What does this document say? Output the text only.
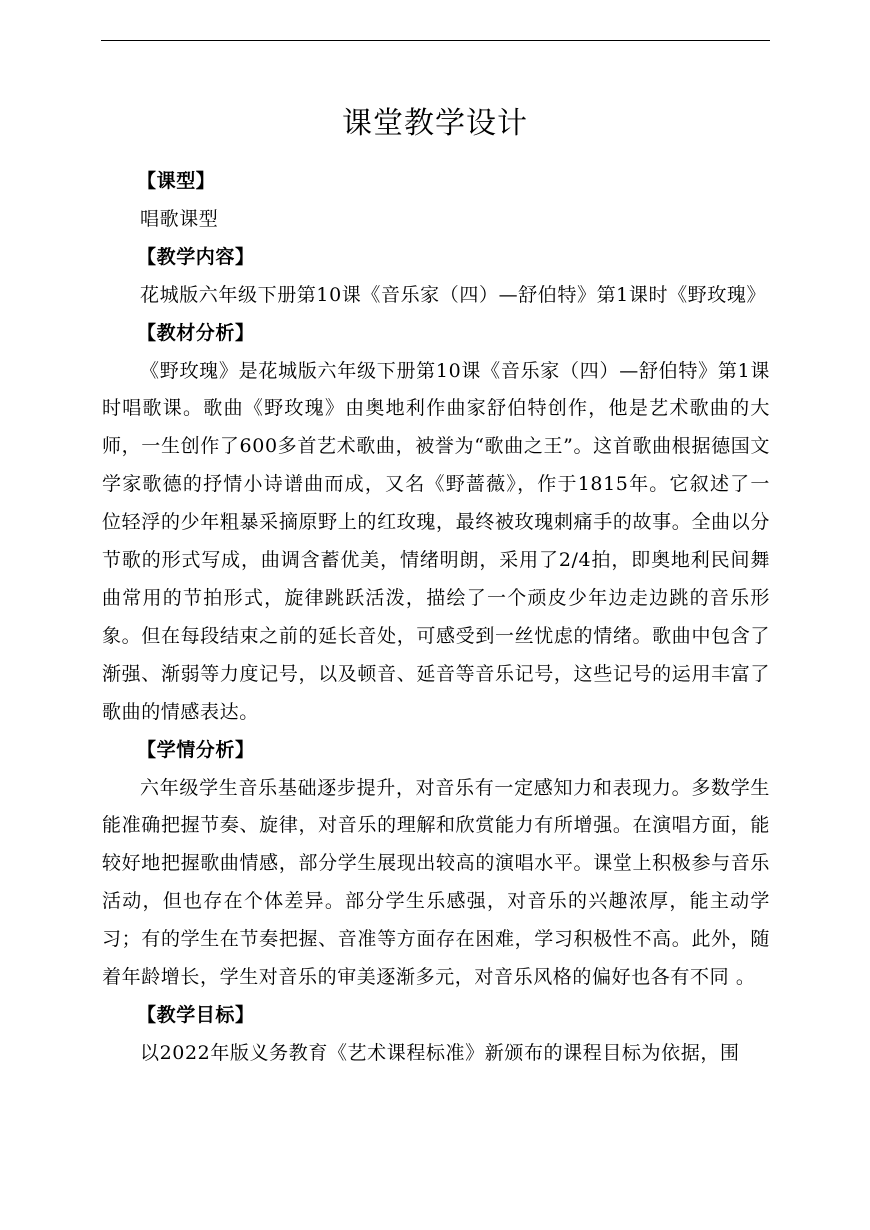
课堂教学设计
【课型】

唱歌课型

【教学内容】

花城版六年级下册第10课《音乐家（四）—舒伯特》第1课时《野玫瑰》

【教材分析】

《野玫瑰》是花城版六年级下册第10课《音乐家（四）—舒伯特》第1课时唱歌课。歌曲《野玫瑰》由奥地利作曲家舒伯特创作，他是艺术歌曲的大师，一生创作了600多首艺术歌曲，被誉为“歌曲之王”。这首歌曲根据德国文学家歌德的抒情小诗谱曲而成，又名《野蔷薇》，作于1815年。它叙述了一位轻浮的少年粗暴采摘原野上的红玫瑰，最终被玫瑰刺痛手的故事。全曲以分节歌的形式写成，曲调含蓄优美，情绪明朗，采用了2/4拍，即奥地利民间舞曲常用的节拍形式，旋律跳跃活泼，描绘了一个顽皮少年边走边跳的音乐形象。但在每段结束之前的延长音处，可感受到一丝忧虑的情绪。歌曲中包含了渐强、渐弱等力度记号，以及顿音、延音等音乐记号，这些记号的运用丰富了歌曲的情感表达。

【学情分析】

六年级学生音乐基础逐步提升，对音乐有一定感知力和表现力。多数学生能准确把握节奏、旋律，对音乐的理解和欣赏能力有所增强。在演唱方面，能较好地把握歌曲情感，部分学生展现出较高的演唱水平。课堂上积极参与音乐活动，但也存在个体差异。部分学生乐感强，对音乐的兴趣浓厚，能主动学习；有的学生在节奏把握、音准等方面存在困难，学习积极性不高。此外，随着年龄增长，学生对音乐的审美逐渐多元，对音乐风格的偏好也各有不同 。

【教学目标】

以2022年版义务教育《艺术课程标准》新颁布的课程目标为依据，围
